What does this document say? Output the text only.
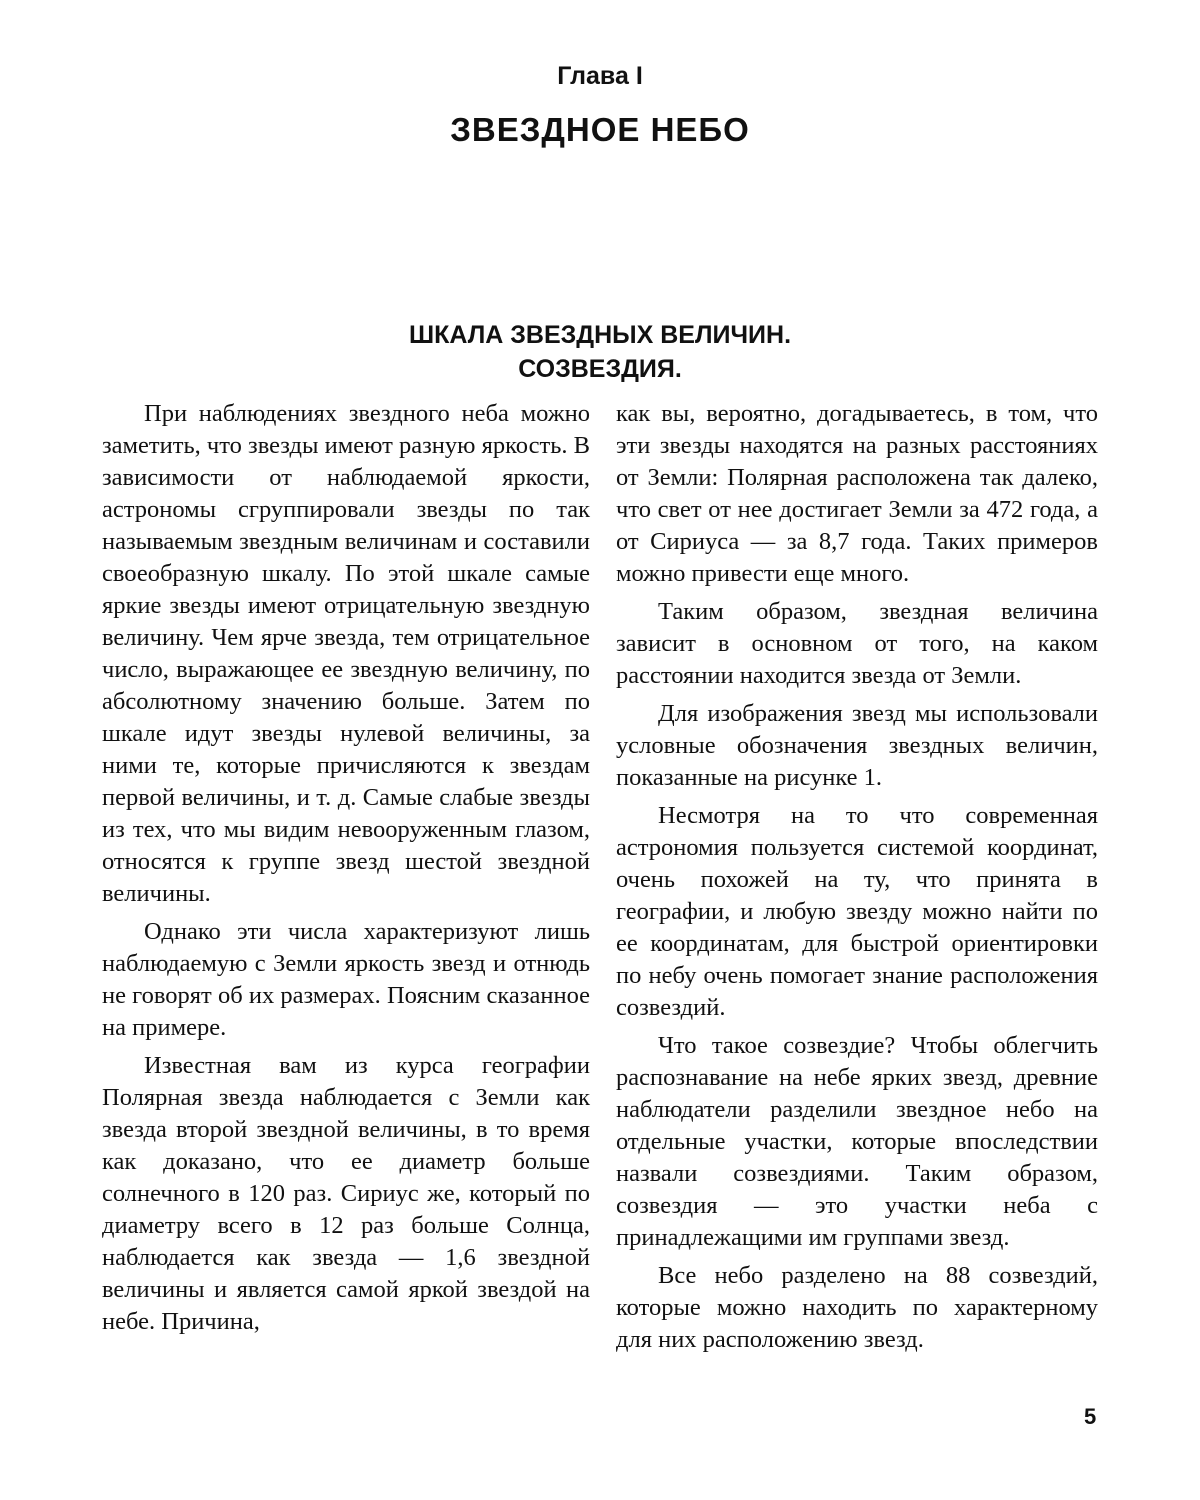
Глава I
ЗВЕЗДНОЕ НЕБО
ШКАЛА ЗВЕЗДНЫХ ВЕЛИЧИН.
СОЗВЕЗДИЯ.

При наблюдениях звездного неба можно заметить, что звезды имеют разную яркость. В зависимости от наблюдаемой яркости, астрономы сгруппировали звезды по так называемым звездным величинам и составили своеобразную шкалу. По этой шкале самые яркие звезды имеют отрицательную звездную величину. Чем ярче звезда, тем отрицательное число, выражающее ее звездную величину, по абсолютному значению больше. Затем по шкале идут звезды нулевой величины, за ними те, которые причисляются к звездам первой величины, и т. д. Самые слабые звезды из тех, что мы видим невооруженным глазом, относятся к группе звезд шестой звездной величины.

Однако эти числа характеризуют лишь наблюдаемую с Земли яркость звезд и отнюдь не говорят об их размерах. Поясним сказанное на примере.

Известная вам из курса географии Полярная звезда наблюдается с Земли как звезда второй звездной величины, в то время как доказано, что ее диаметр больше солнечного в 120 раз. Сириус же, который по диаметру всего в 12 раз больше Солнца, наблюдается как звезда — 1,6 звездной величины и является самой яркой звездой на небе. Причина,

как вы, вероятно, догадываетесь, в том, что эти звезды находятся на разных расстояниях от Земли: Полярная расположена так далеко, что свет от нее достигает Земли за 472 года, а от Сириуса — за 8,7 года. Таких примеров можно привести еще много.

Таким образом, звездная величина зависит в основном от того, на каком расстоянии находится звезда от Земли.

Для изображения звезд мы использовали условные обозначения звездных величин, показанные на рисунке 1.

Несмотря на то что современная астрономия пользуется системой координат, очень похожей на ту, что принята в географии, и любую звезду можно найти по ее координатам, для быстрой ориентировки по небу очень помогает знание расположения созвездий.

Что такое созвездие? Чтобы облегчить распознавание на небе ярких звезд, древние наблюдатели разделили звездное небо на отдельные участки, которые впоследствии назвали созвездиями. Таким образом, созвездия — это участки неба с принадлежащими им группами звезд.

Все небо разделено на 88 созвездий, которые можно находить по характерному для них расположению звезд.

5
